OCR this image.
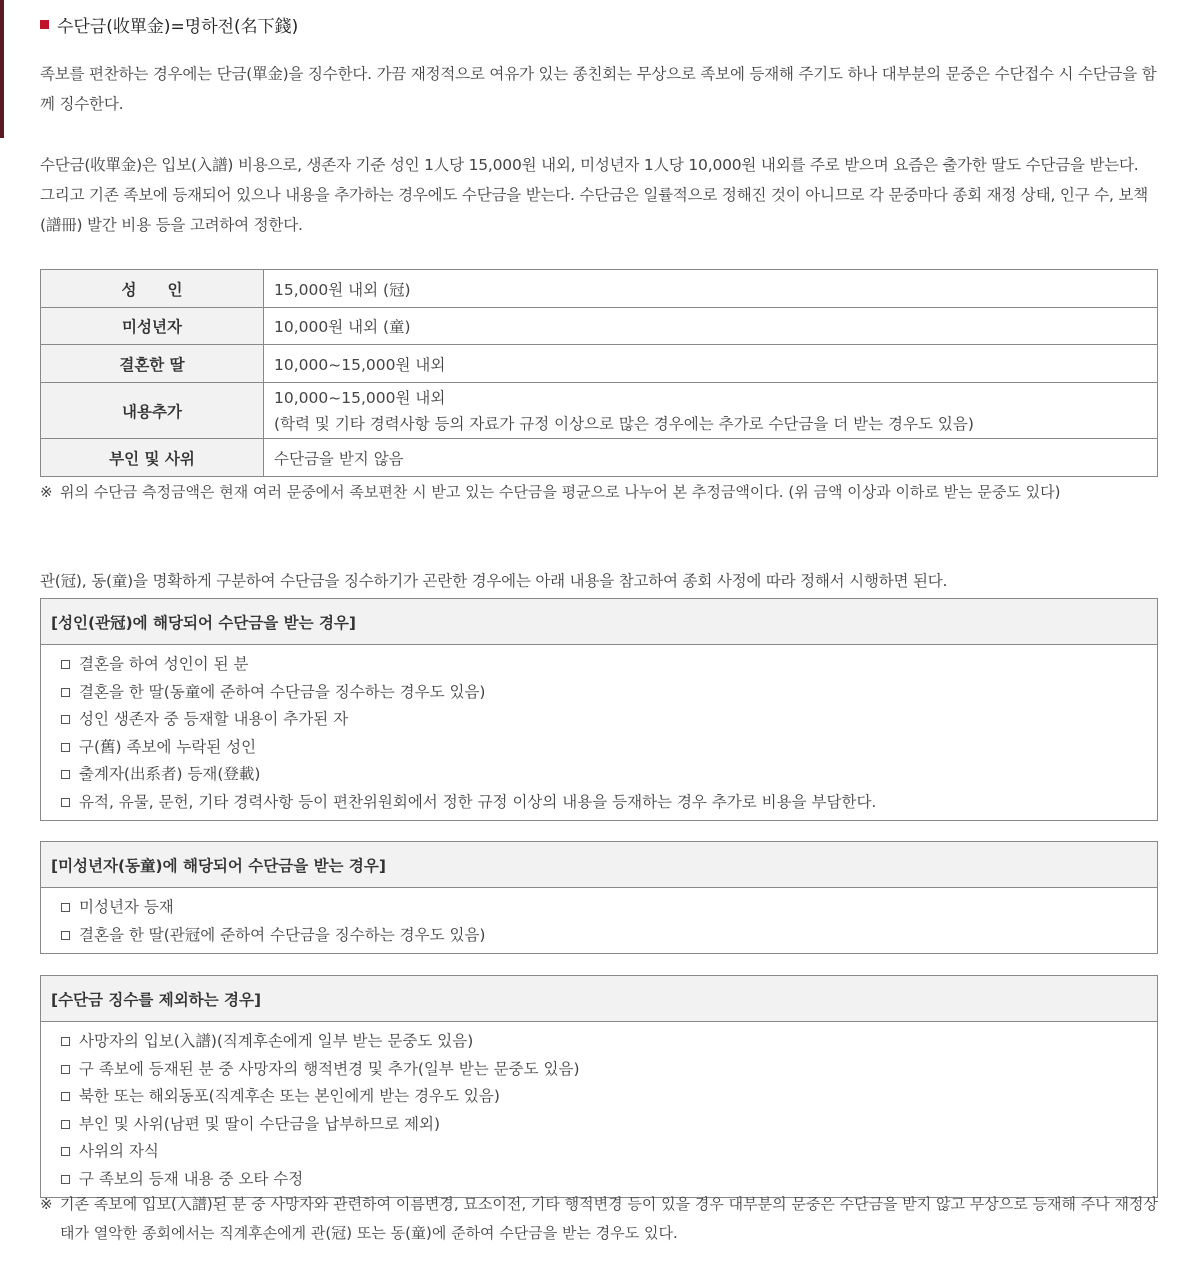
수단금(收單金)=명하전(名下錢)

족보를 편찬하는 경우에는 단금(單金)을 징수한다. 가끔 재정적으로 여유가 있는 종친회는 무상으로 족보에 등재해 주기도 하나 대부분의 문중은 수단접수 시 수단금을 함께 징수한다.

수단금(收單金)은 입보(入譜) 비용으로, 생존자 기준 성인 1人당 15,000원 내외, 미성년자 1人당 10,000원 내외를 주로 받으며 요즘은 출가한 딸도 수단금을 받는다. 그리고 기존 족보에 등재되어 있으나 내용을 추가하는 경우에도 수단금을 받는다. 수단금은 일률적으로 정해진 것이 아니므로 각 문중마다 종회 재정 상태, 인구 수, 보책(譜冊) 발간 비용 등을 고려하여 정한다.

성　　인	15,000원 내외 (冠)
미성년자	10,000원 내외 (童)
결혼한 딸	10,000~15,000원 내외
내용추가	10,000~15,000원 내외
(학력 및 기타 경력사항 등의 자료가 규정 이상으로 많은 경우에는 추가로 수단금을 더 받는 경우도 있음)

부인 및 사위	수단금을 받지 않음
※ 위의 수단금 측정금액은 현재 여러 문중에서 족보편찬 시 받고 있는 수단금을 평균으로 나누어 본 추정금액이다. (위 금액 이상과 이하로 받는 문중도 있다)

관(冠), 동(童)을 명확하게 구분하여 수단금을 징수하기가 곤란한 경우에는 아래 내용을 참고하여 종회 사정에 따라 정해서 시행하면 된다.

[성인(관冠)에 해당되어 수단금을 받는 경우]
결혼을 하여 성인이 된 분
결혼을 한 딸(동童에 준하여 수단금을 징수하는 경우도 있음)
성인 생존자 중 등재할 내용이 추가된 자
구(舊) 족보에 누락된 성인
출계자(出系者) 등재(登載)
유적, 유물, 문헌, 기타 경력사항 등이 편찬위원회에서 정한 규정 이상의 내용을 등재하는 경우 추가로 비용을 부담한다.
[미성년자(동童)에 해당되어 수단금을 받는 경우]
미성년자 등재
결혼을 한 딸(관冠에 준하여 수단금을 징수하는 경우도 있음)
[수단금 징수를 제외하는 경우]
사망자의 입보(入譜)(직계후손에게 일부 받는 문중도 있음)
구 족보에 등재된 분 중 사망자의 행적변경 및 추가(일부 받는 문중도 있음)
북한 또는 해외동포(직계후손 또는 본인에게 받는 경우도 있음)
부인 및 사위(남편 및 딸이 수단금을 납부하므로 제외)
사위의 자식
구 족보의 등재 내용 중 오타 수정
※ 기존 족보에 입보(入譜)된 분 중 사망자와 관련하여 이름변경, 묘소이전, 기타 행적변경 등이 있을 경우 대부분의 문중은 수단금을 받지 않고 무상으로 등재해 주나 재정상태가 열악한 종회에서는 직계후손에게 관(冠) 또는 동(童)에 준하여 수단금을 받는 경우도 있다.
